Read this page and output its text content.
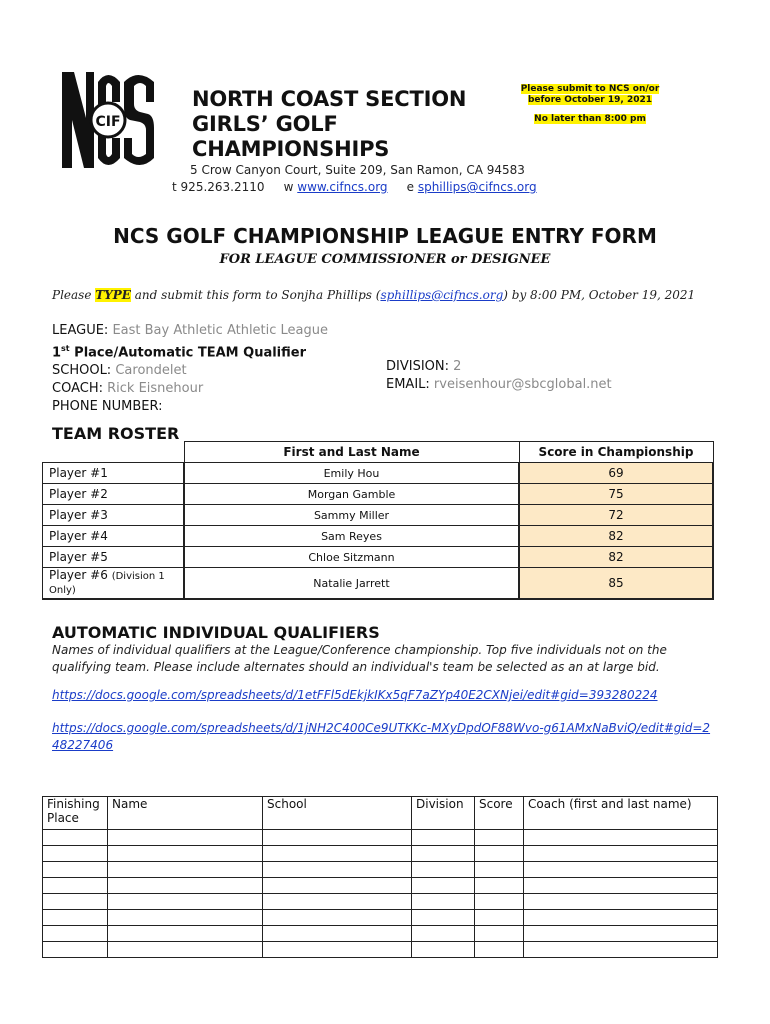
CIF
NORTH COAST SECTION
GIRLS’ GOLF
CHAMPIONSHIPS
Please submit to NCS on/or before October 19, 2021
No later than 8:00 pm
5 Crow Canyon Court, Suite 209, San Ramon, CA 94583
t 925.263.2110 w www.cifncs.org e sphillips@cifncs.org
NCS GOLF CHAMPIONSHIP LEAGUE ENTRY FORM
FOR LEAGUE COMMISSIONER or DESIGNEE
Please TYPE and submit this form to Sonjha Phillips (sphillips@cifncs.org) by 8:00 PM, October 19, 2021
LEAGUE: East Bay Athletic Athletic League
1st Place/Automatic TEAM Qualifier
SCHOOL: Carondelet
COACH: Rick Eisnehour
PHONE NUMBER:
DIVISION: 2
EMAIL: rveisenhour@sbcglobal.net
TEAM ROSTER
	First and Last Name	Score in Championship
Player #1	Emily Hou	69
Player #2	Morgan Gamble	75
Player #3	Sammy Miller	72
Player #4	Sam Reyes	82
Player #5	Chloe Sitzmann	82
Player #6 (Division 1 Only)	Natalie Jarrett	85
AUTOMATIC INDIVIDUAL QUALIFIERS
Names of individual qualifiers at the League/Conference championship. Top five individuals not on the qualifying team. Please include alternates should an individual's team be selected as an at large bid.
https://docs.google.com/spreadsheets/d/1etFFl5dEkjkIKx5qF7aZYp40E2CXNjei/edit#gid=393280224
https://docs.google.com/spreadsheets/d/1jNH2C400Ce9UTKKc-MXyDpdOF88Wvo-g61AMxNaBviQ/edit#gid=248227406
Finishing Place	Name	School	Division	Score	Coach (first and last name)
